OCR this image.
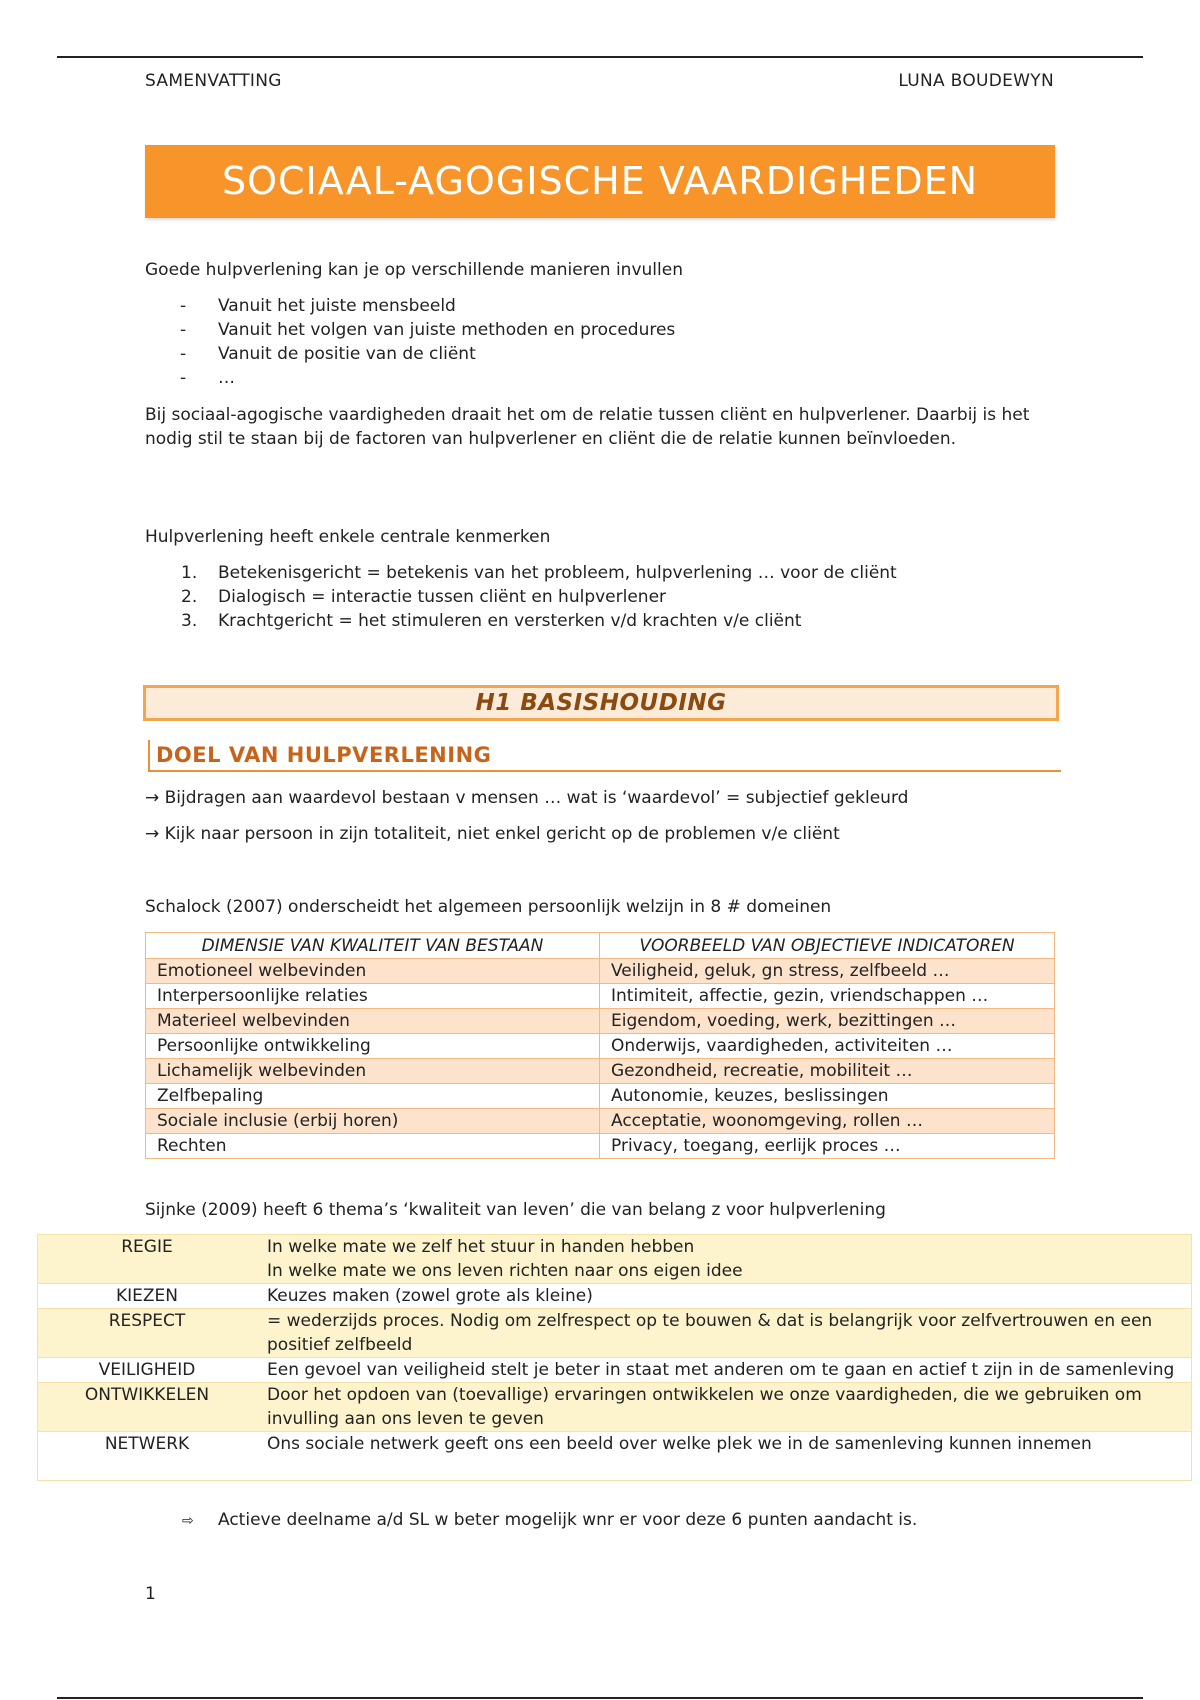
SAMENVATTING	LUNA BOUDEWYN
SOCIAAL-AGOGISCHE VAARDIGHEDEN
Goede hulpverlening kan je op verschillende manieren invullen
- Vanuit het juiste mensbeeld
- Vanuit het volgen van juiste methoden en procedures
- Vanuit de positie van de cliënt
- …
Bij sociaal-agogische vaardigheden draait het om de relatie tussen cliënt en hulpverlener. Daarbij is het nodig stil te staan bij de factoren van hulpverlener en cliënt die de relatie kunnen beïnvloeden.
Hulpverlening heeft enkele centrale kenmerken
1. Betekenisgericht = betekenis van het probleem, hulpverlening … voor de cliënt
2. Dialogisch = interactie tussen cliënt en hulpverlener
3. Krachtgericht = het stimuleren en versterken v/d krachten v/e cliënt
H1 BASISHOUDING
DOEL VAN HULPVERLENING
→ Bijdragen aan waardevol bestaan v mensen … wat is ‘waardevol’ = subjectief gekleurd
→ Kijk naar persoon in zijn totaliteit, niet enkel gericht op de problemen v/e cliënt
Schalock (2007) onderscheidt het algemeen persoonlijk welzijn in 8 # domeinen
DIMENSIE VAN KWALITEIT VAN BESTAAN	VOORBEELD VAN OBJECTIEVE INDICATOREN
Emotioneel welbevinden	Veiligheid, geluk, gn stress, zelfbeeld …
Interpersoonlijke relaties	Intimiteit, affectie, gezin, vriendschappen …
Materieel welbevinden	Eigendom, voeding, werk, bezittingen …
Persoonlijke ontwikkeling	Onderwijs, vaardigheden, activiteiten …
Lichamelijk welbevinden	Gezondheid, recreatie, mobiliteit …
Zelfbepaling	Autonomie, keuzes, beslissingen
Sociale inclusie (erbij horen)	Acceptatie, woonomgeving, rollen …
Rechten	Privacy, toegang, eerlijk proces …
Sijnke (2009) heeft 6 thema’s ‘kwaliteit van leven’ die van belang z voor hulpverlening
REGIE	In welke mate we zelf het stuur in handen hebben
In welke mate we ons leven richten naar ons eigen idee

KIEZEN	Keuzes maken (zowel grote als kleine)

RESPECT	= wederzijds proces. Nodig om zelfrespect op te bouwen & dat is belangrijk voor zelfvertrouwen en een positief zelfbeeld

VEILIGHEID	Een gevoel van veiligheid stelt je beter in staat met anderen om te gaan en actief t zijn in de samenleving

ONTWIKKELEN	Door het opdoen van (toevallige) ervaringen ontwikkelen we onze vaardigheden, die we gebruiken om invulling aan ons leven te geven

NETWERK	Ons sociale netwerk geeft ons een beeld over welke plek we in de samenleving kunnen innemen
⇨ Actieve deelname a/d SL w beter mogelijk wnr er voor deze 6 punten aandacht is.
1
